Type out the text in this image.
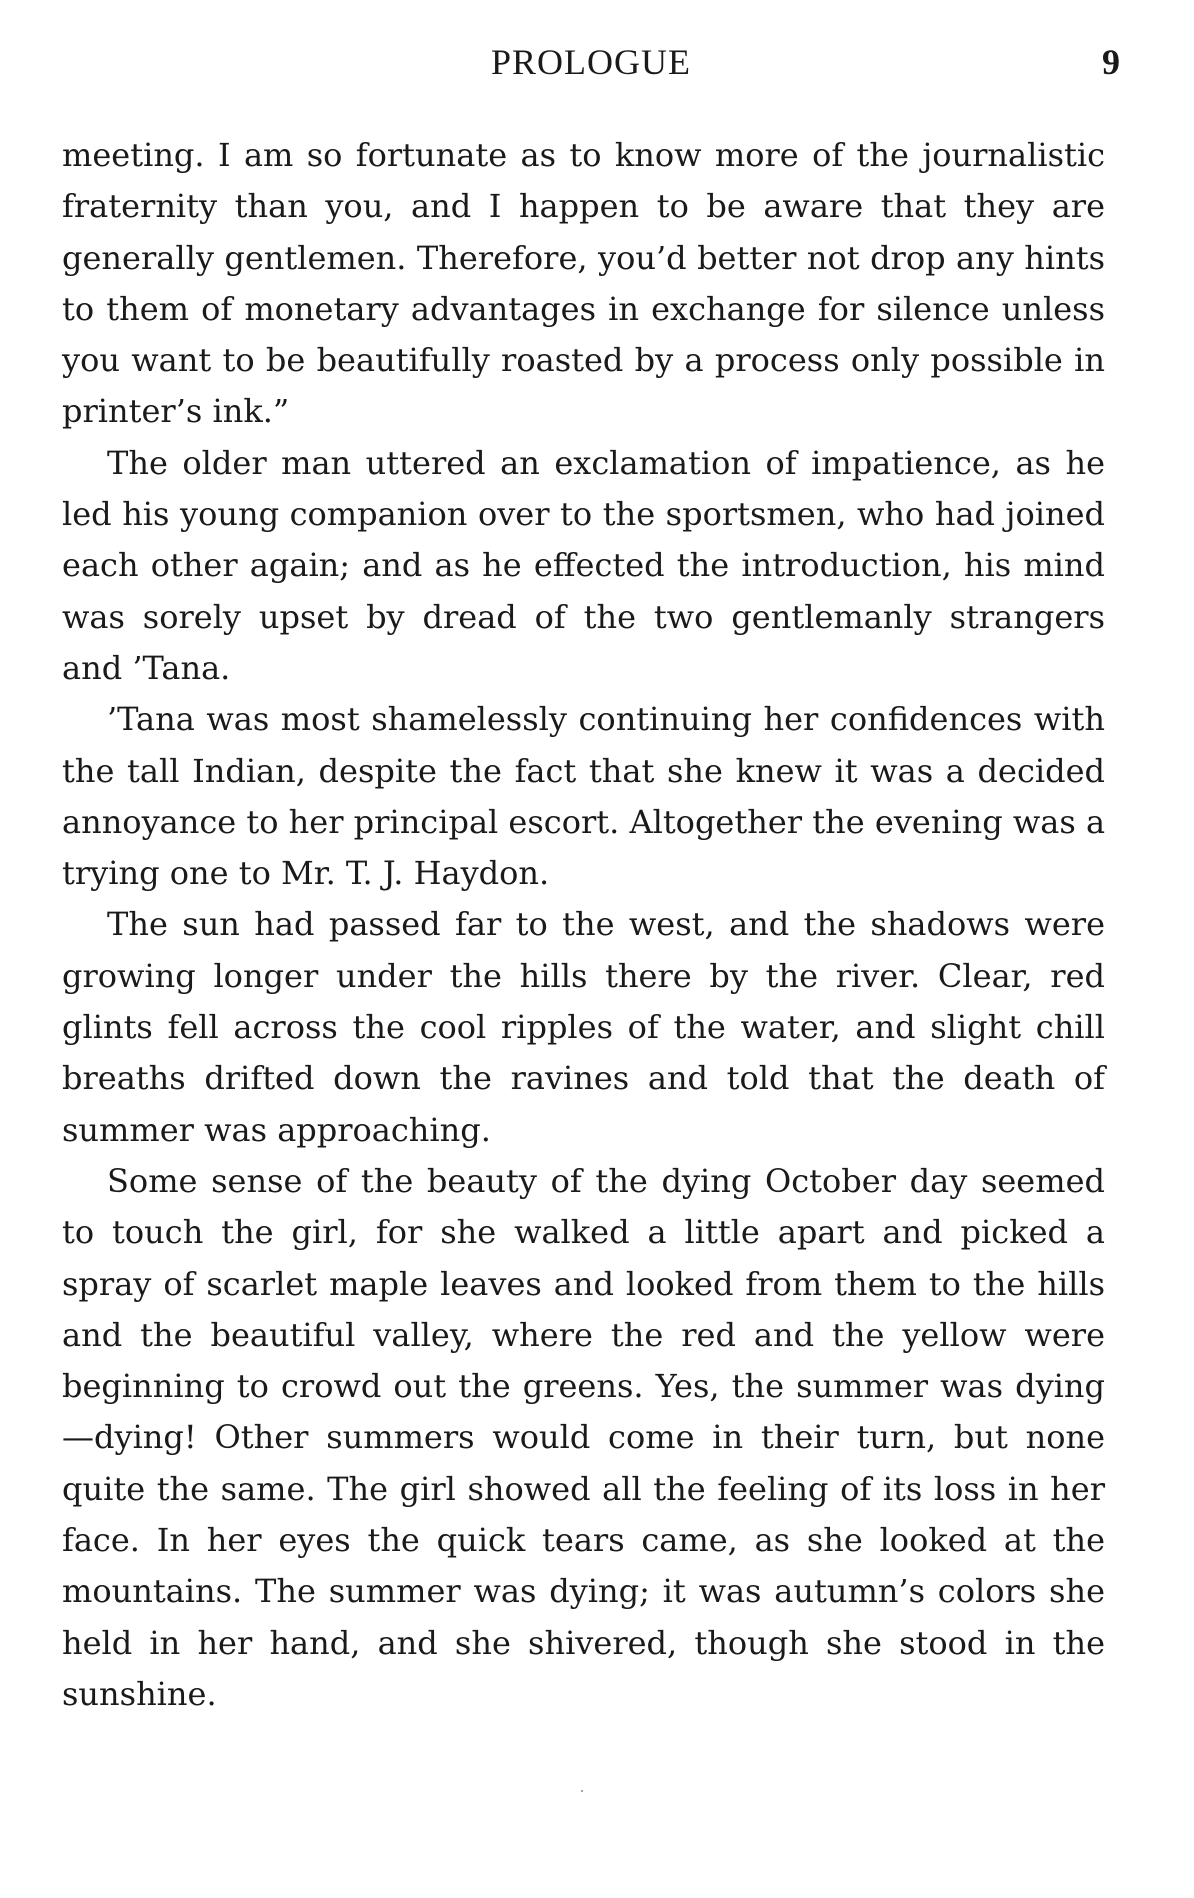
PROLOGUE	9

meeting. I am so fortunate as to know more of the journalistic fraternity than you, and I happen to be aware that they are generally gentlemen. Therefore, you’d better not drop any hints to them of monetary advantages in exchange for silence unless you want to be beautifully roasted by a process only possible in printer’s ink.”

The older man uttered an exclamation of impatience, as he led his young companion over to the sportsmen, who had joined each other again; and as he effected the introduction, his mind was sorely upset by dread of the two gentlemanly strangers and ’Tana.

’Tana was most shamelessly continuing her confidences with the tall Indian, despite the fact that she knew it was a decided annoyance to her principal escort. Altogether the evening was a trying one to Mr. T. J. Haydon.

The sun had passed far to the west, and the shadows were growing longer under the hills there by the river. Clear, red glints fell across the cool ripples of the water, and slight chill breaths drifted down the ravines and told that the death of summer was approaching.

Some sense of the beauty of the dying October day seemed to touch the girl, for she walked a little apart and picked a spray of scarlet maple leaves and looked from them to the hills and the beautiful valley, where the red and the yellow were beginning to crowd out the greens. Yes, the summer was dying—dying! Other summers would come in their turn, but none quite the same. The girl showed all the feeling of its loss in her face. In her eyes the quick tears came, as she looked at the mountains. The summer was dying; it was autumn’s colors she held in her hand, and she shivered, though she stood in the sunshine.
